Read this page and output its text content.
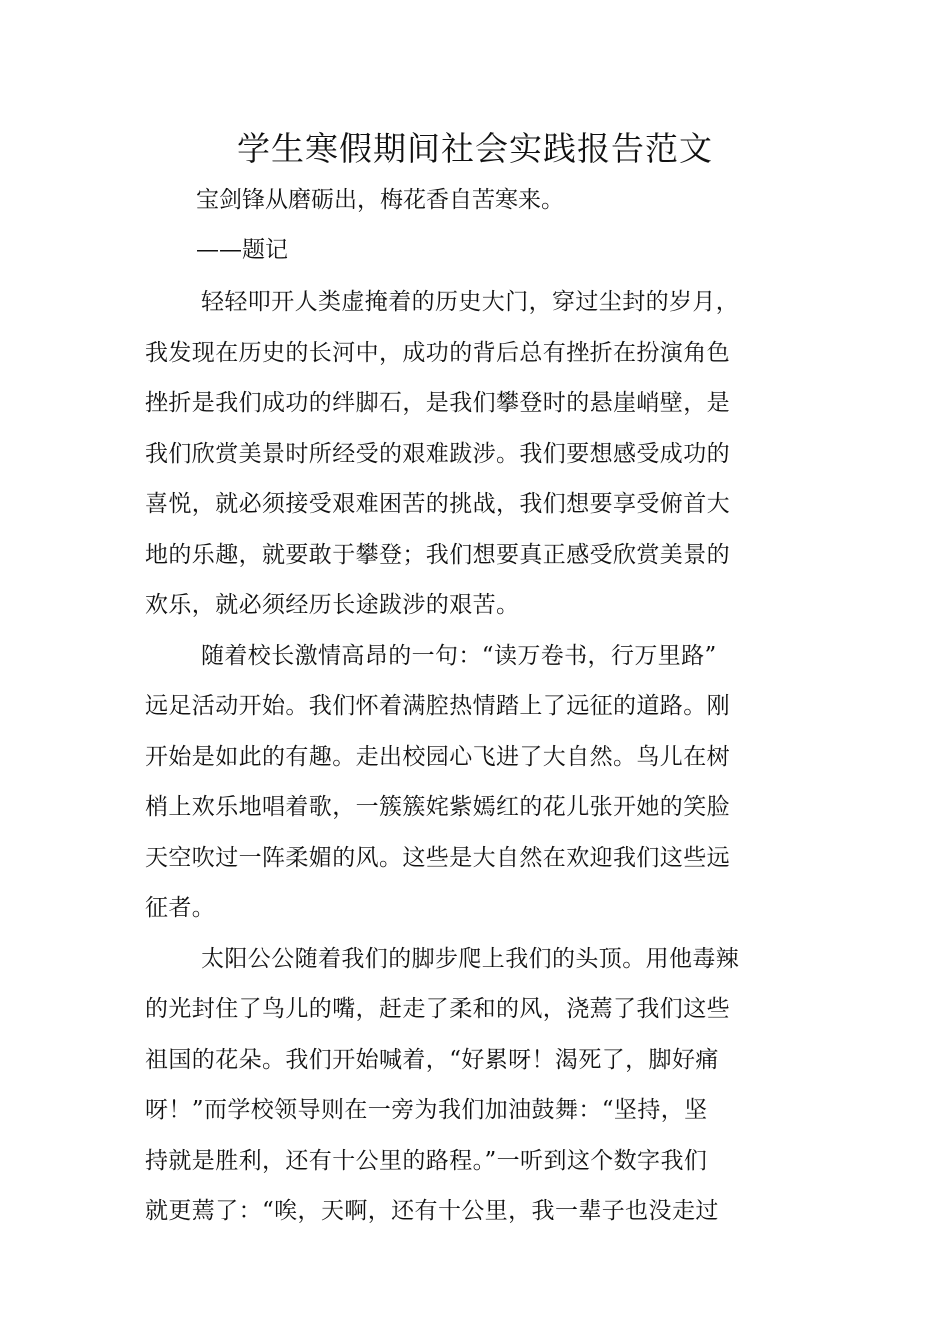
学生寒假期间社会实践报告范文

宝剑锋从磨砺出，梅花香自苦寒来。

——题记

轻轻叩开人类虚掩着的历史大门，穿过尘封的岁月，
我发现在历史的长河中，成功的背后总有挫折在扮演角色
挫折是我们成功的绊脚石，是我们攀登时的悬崖峭壁，是
我们欣赏美景时所经受的艰难跋涉。我们要想感受成功的
喜悦，就必须接受艰难困苦的挑战，我们想要享受俯首大
地的乐趣，就要敢于攀登；我们想要真正感受欣赏美景的
欢乐，就必须经历长途跋涉的艰苦。
随着校长激情高昂的一句：“读万卷书，行万里路”
远足活动开始。我们怀着满腔热情踏上了远征的道路。刚
开始是如此的有趣。走出校园心飞进了大自然。鸟儿在树
梢上欢乐地唱着歌，一簇簇姹紫嫣红的花儿张开她的笑脸
天空吹过一阵柔媚的风。这些是大自然在欢迎我们这些远
征者。
太阳公公随着我们的脚步爬上我们的头顶。用他毒辣
的光封住了鸟儿的嘴，赶走了柔和的风，浇蔫了我们这些
祖国的花朵。我们开始喊着，“好累呀！渴死了，脚好痛
呀！”而学校领导则在一旁为我们加油鼓舞：“坚持，坚
持就是胜利，还有十公里的路程。”一听到这个数字我们
就更蔫了：“唉，天啊，还有十公里，我一辈子也没走过
